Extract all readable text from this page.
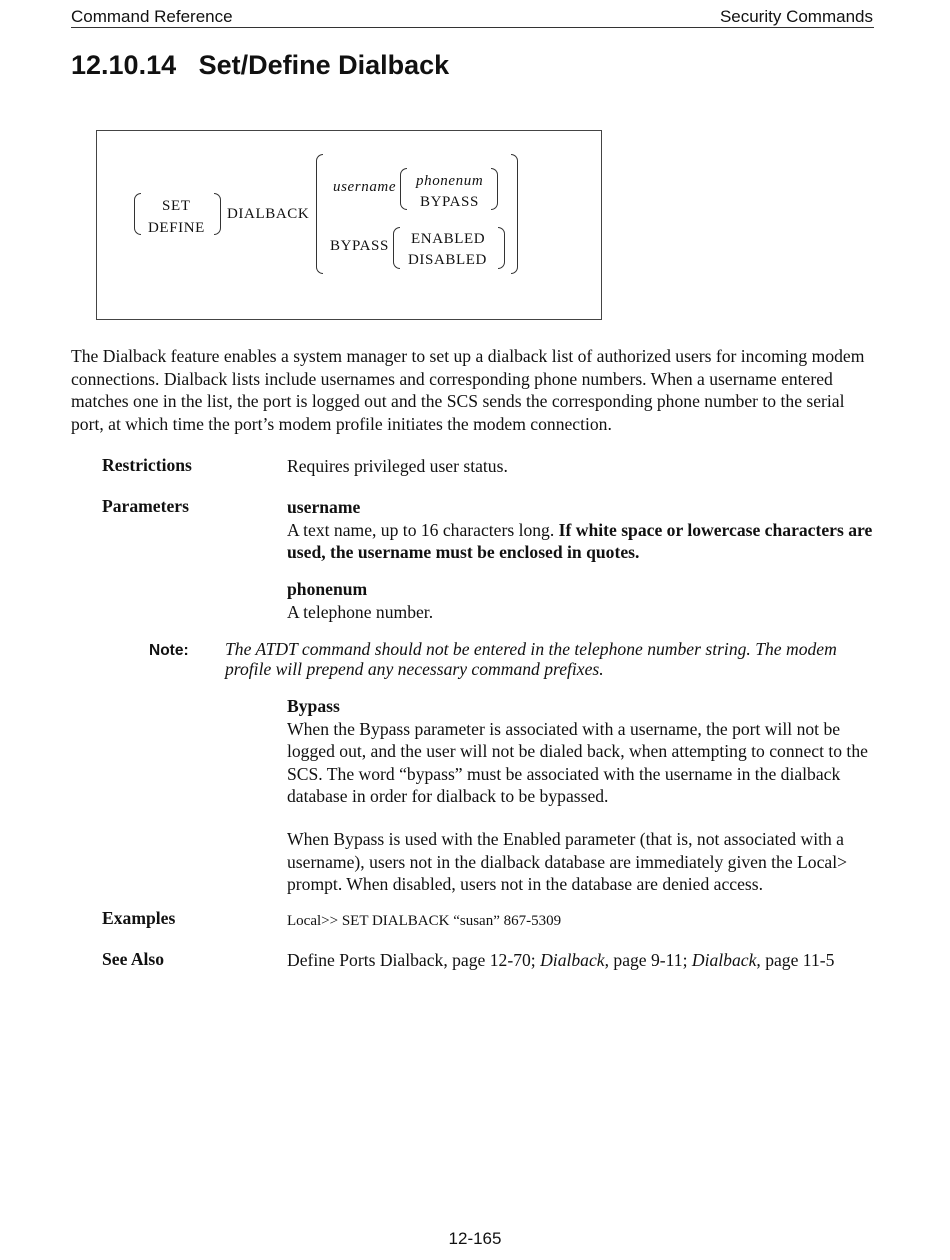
Command Reference	Security Commands
12.10.14   Set/Define Dialback
SET
DEFINE
DIALBACK
username phonenum
BYPASS
BYPASS ENABLED
DISABLED
The Dialback feature enables a system manager to set up a dialback list of authorized users for incoming modem connections. Dialback lists include usernames and corresponding phone numbers. When a username entered matches one in the list, the port is logged out and the SCS sends the corresponding phone number to the serial port, at which time the port’s modem profile initiates the modem connection.
Restrictions	Requires privileged user status.
Parameters	username
A text name, up to 16 characters long. If white space or lowercase characters are used, the username must be enclosed in quotes.
phonenum
A telephone number.
Note: The ATDT command should not be entered in the telephone number string. The modem profile will prepend any necessary command prefixes.
Bypass
When the Bypass parameter is associated with a username, the port will not be logged out, and the user will not be dialed back, when attempting to connect to the SCS. The word “bypass” must be associated with the username in the dialback database in order for dialback to be bypassed.
When Bypass is used with the Enabled parameter (that is, not associated with a username), users not in the dialback database are immediately given the Local> prompt. When disabled, users not in the database are denied access.
Examples	Local>> SET DIALBACK “susan” 867-5309
See Also	Define Ports Dialback, page 12-70; Dialback, page 9-11; Dialback, page 11-5
12-165
